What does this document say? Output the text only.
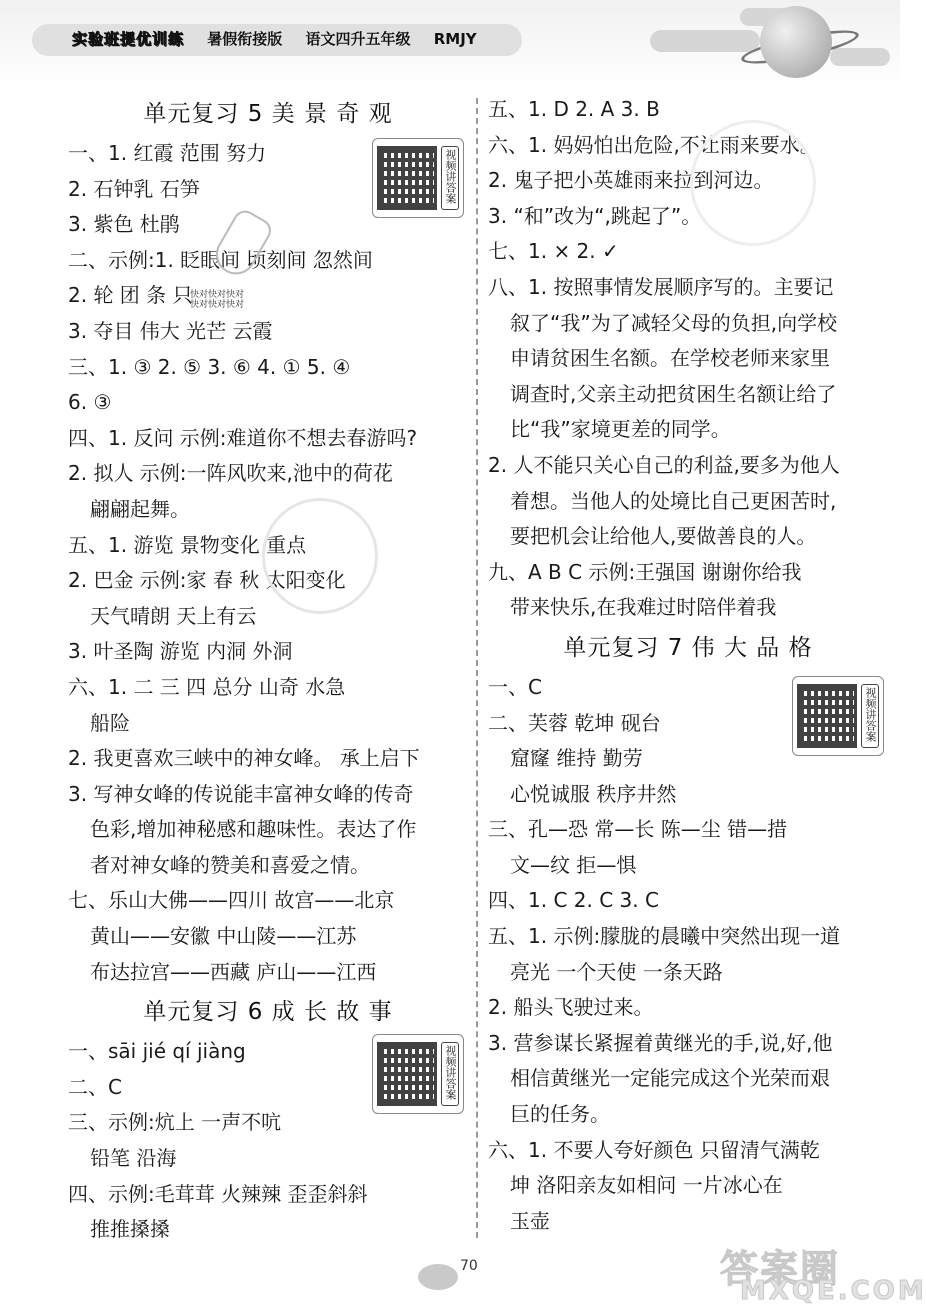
实验班提优训练 暑假衔接版 语文四升五年级 RMJY
单元复习 5 美 景 奇 观
一、1. 红霞 范围 努力
2. 石钟乳 石笋
3. 紫色 杜鹃
二、示例:1. 眨眼间 顷刻间 忽然间
2. 轮 团 条 只
3. 夺目 伟大 光芒 云霞
三、1. ③ 2. ⑤ 3. ⑥ 4. ① 5. ④
6. ③
四、1. 反问 示例:难道你不想去春游吗?
2. 拟人 示例:一阵风吹来,池中的荷花
翩翩起舞。
五、1. 游览 景物变化 重点
2. 巴金 示例:家 春 秋 太阳变化
天气晴朗 天上有云
3. 叶圣陶 游览 内洞 外洞
六、1. 二 三 四 总分 山奇 水急
船险
2. 我更喜欢三峡中的神女峰。 承上启下
3. 写神女峰的传说能丰富神女峰的传奇
色彩,增加神秘感和趣味性。表达了作
者对神女峰的赞美和喜爱之情。
七、乐山大佛——四川 故宫——北京
黄山——安徽 中山陵——江苏
布达拉宫——西藏 庐山——江西
单元复习 6 成 长 故 事
一、sāi jié qí jiàng
二、C
三、示例:炕上 一声不吭
铅笔 沿海
四、示例:毛茸茸 火辣辣 歪歪斜斜
推推搡搡
五、1. D 2. A 3. B
六、1. 妈妈怕出危险,不让雨来要水。
2. 鬼子把小英雄雨来拉到河边。
3. “和”改为“,跳起了”。
七、1. × 2. ✓
八、1. 按照事情发展顺序写的。主要记
叙了“我”为了减轻父母的负担,向学校
申请贫困生名额。在学校老师来家里
调查时,父亲主动把贫困生名额让给了
比“我”家境更差的同学。
2. 人不能只关心自己的利益,要多为他人
着想。当他人的处境比自己更困苦时,
要把机会让给他人,要做善良的人。
九、A B C 示例:王强国 谢谢你给我
带来快乐,在我难过时陪伴着我
单元复习 7 伟 大 品 格
一、C
二、芙蓉 乾坤 砚台
窟窿 维持 勤劳
心悦诚服 秩序井然
三、孔—恐 常—长 陈—尘 错—措
文—纹 拒—惧
四、1. C 2. C 3. C
五、1. 示例:朦胧的晨曦中突然出现一道
亮光 一个天使 一条天路
2. 船头飞驶过来。
3. 营参谋长紧握着黄继光的手,说,好,他
相信黄继光一定能完成这个光荣而艰
巨的任务。
六、1. 不要人夸好颜色 只留清气满乾
坤 洛阳亲友如相问 一片冰心在
玉壶
视频讲答案
视频讲答案
视频讲答案
快对快对快对
快对快对快对
70	答案圈
MXQE.COM
